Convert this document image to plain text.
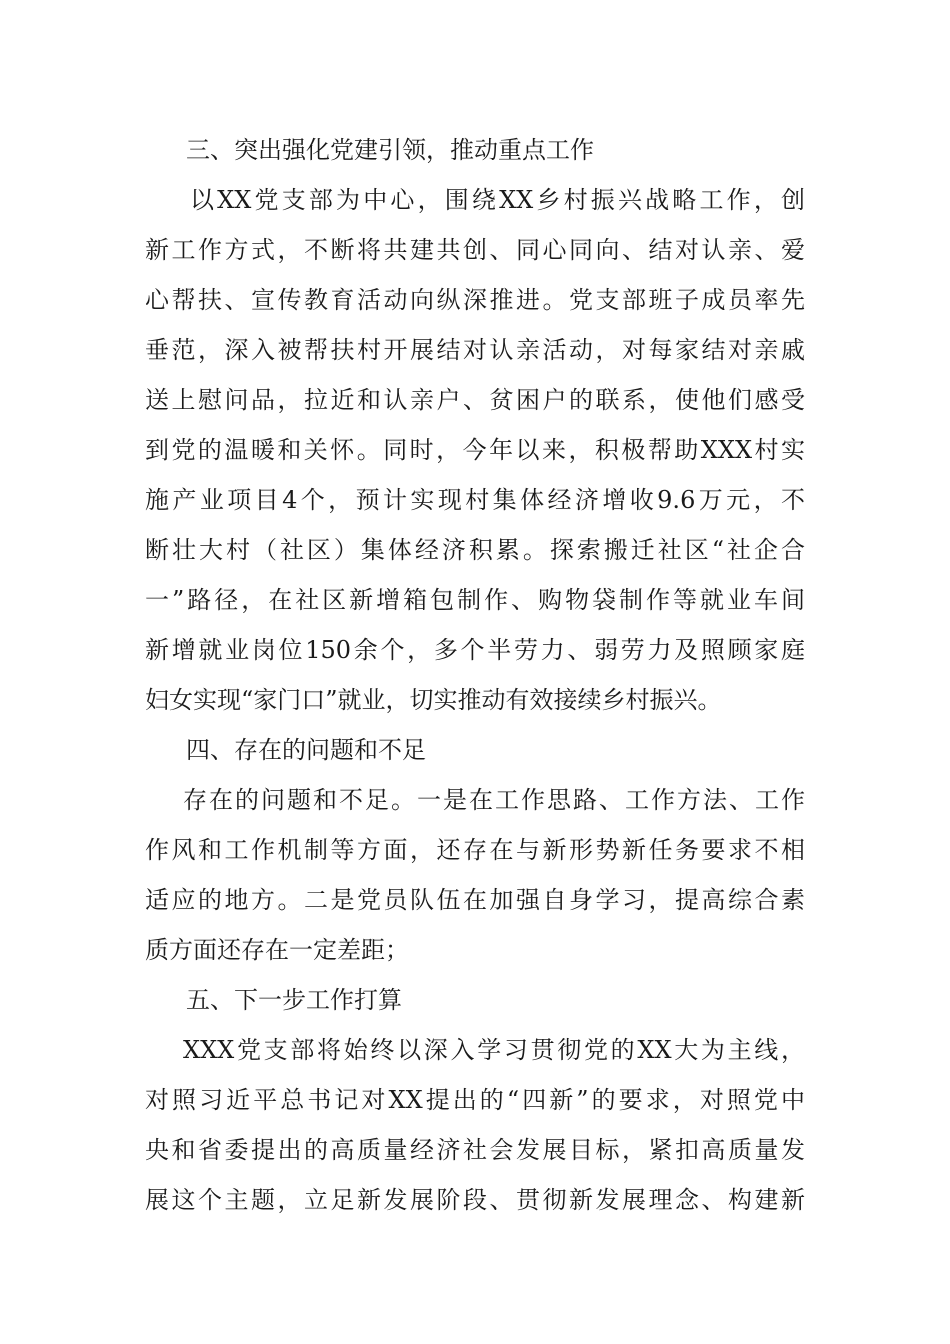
三、突出强化党建引领，推动重点工作
以XX党支部为中心，围绕XX乡村振兴战略工作，创
新工作方式，不断将共建共创、同心同向、结对认亲、爱
心帮扶、宣传教育活动向纵深推进。党支部班子成员率先
垂范，深入被帮扶村开展结对认亲活动，对每家结对亲戚
送上慰问品，拉近和认亲户、贫困户的联系，使他们感受
到党的温暖和关怀。同时，今年以来，积极帮助XXX村实
施产业项目4个，预计实现村集体经济增收9.6万元，不
断壮大村（社区）集体经济积累。探索搬迁社区“社企合
一”路径，在社区新增箱包制作、购物袋制作等就业车间
新增就业岗位150余个，多个半劳力、弱劳力及照顾家庭
妇女实现“家门口”就业，切实推动有效接续乡村振兴。
四、存在的问题和不足
存在的问题和不足。一是在工作思路、工作方法、工作
作风和工作机制等方面，还存在与新形势新任务要求不相
适应的地方。二是党员队伍在加强自身学习，提高综合素
质方面还存在一定差距；
五、下一步工作打算
XXX党支部将始终以深入学习贯彻党的XX大为主线，
对照习近平总书记对XX提出的“四新”的要求，对照党中
央和省委提出的高质量经济社会发展目标，紧扣高质量发
展这个主题，立足新发展阶段、贯彻新发展理念、构建新
